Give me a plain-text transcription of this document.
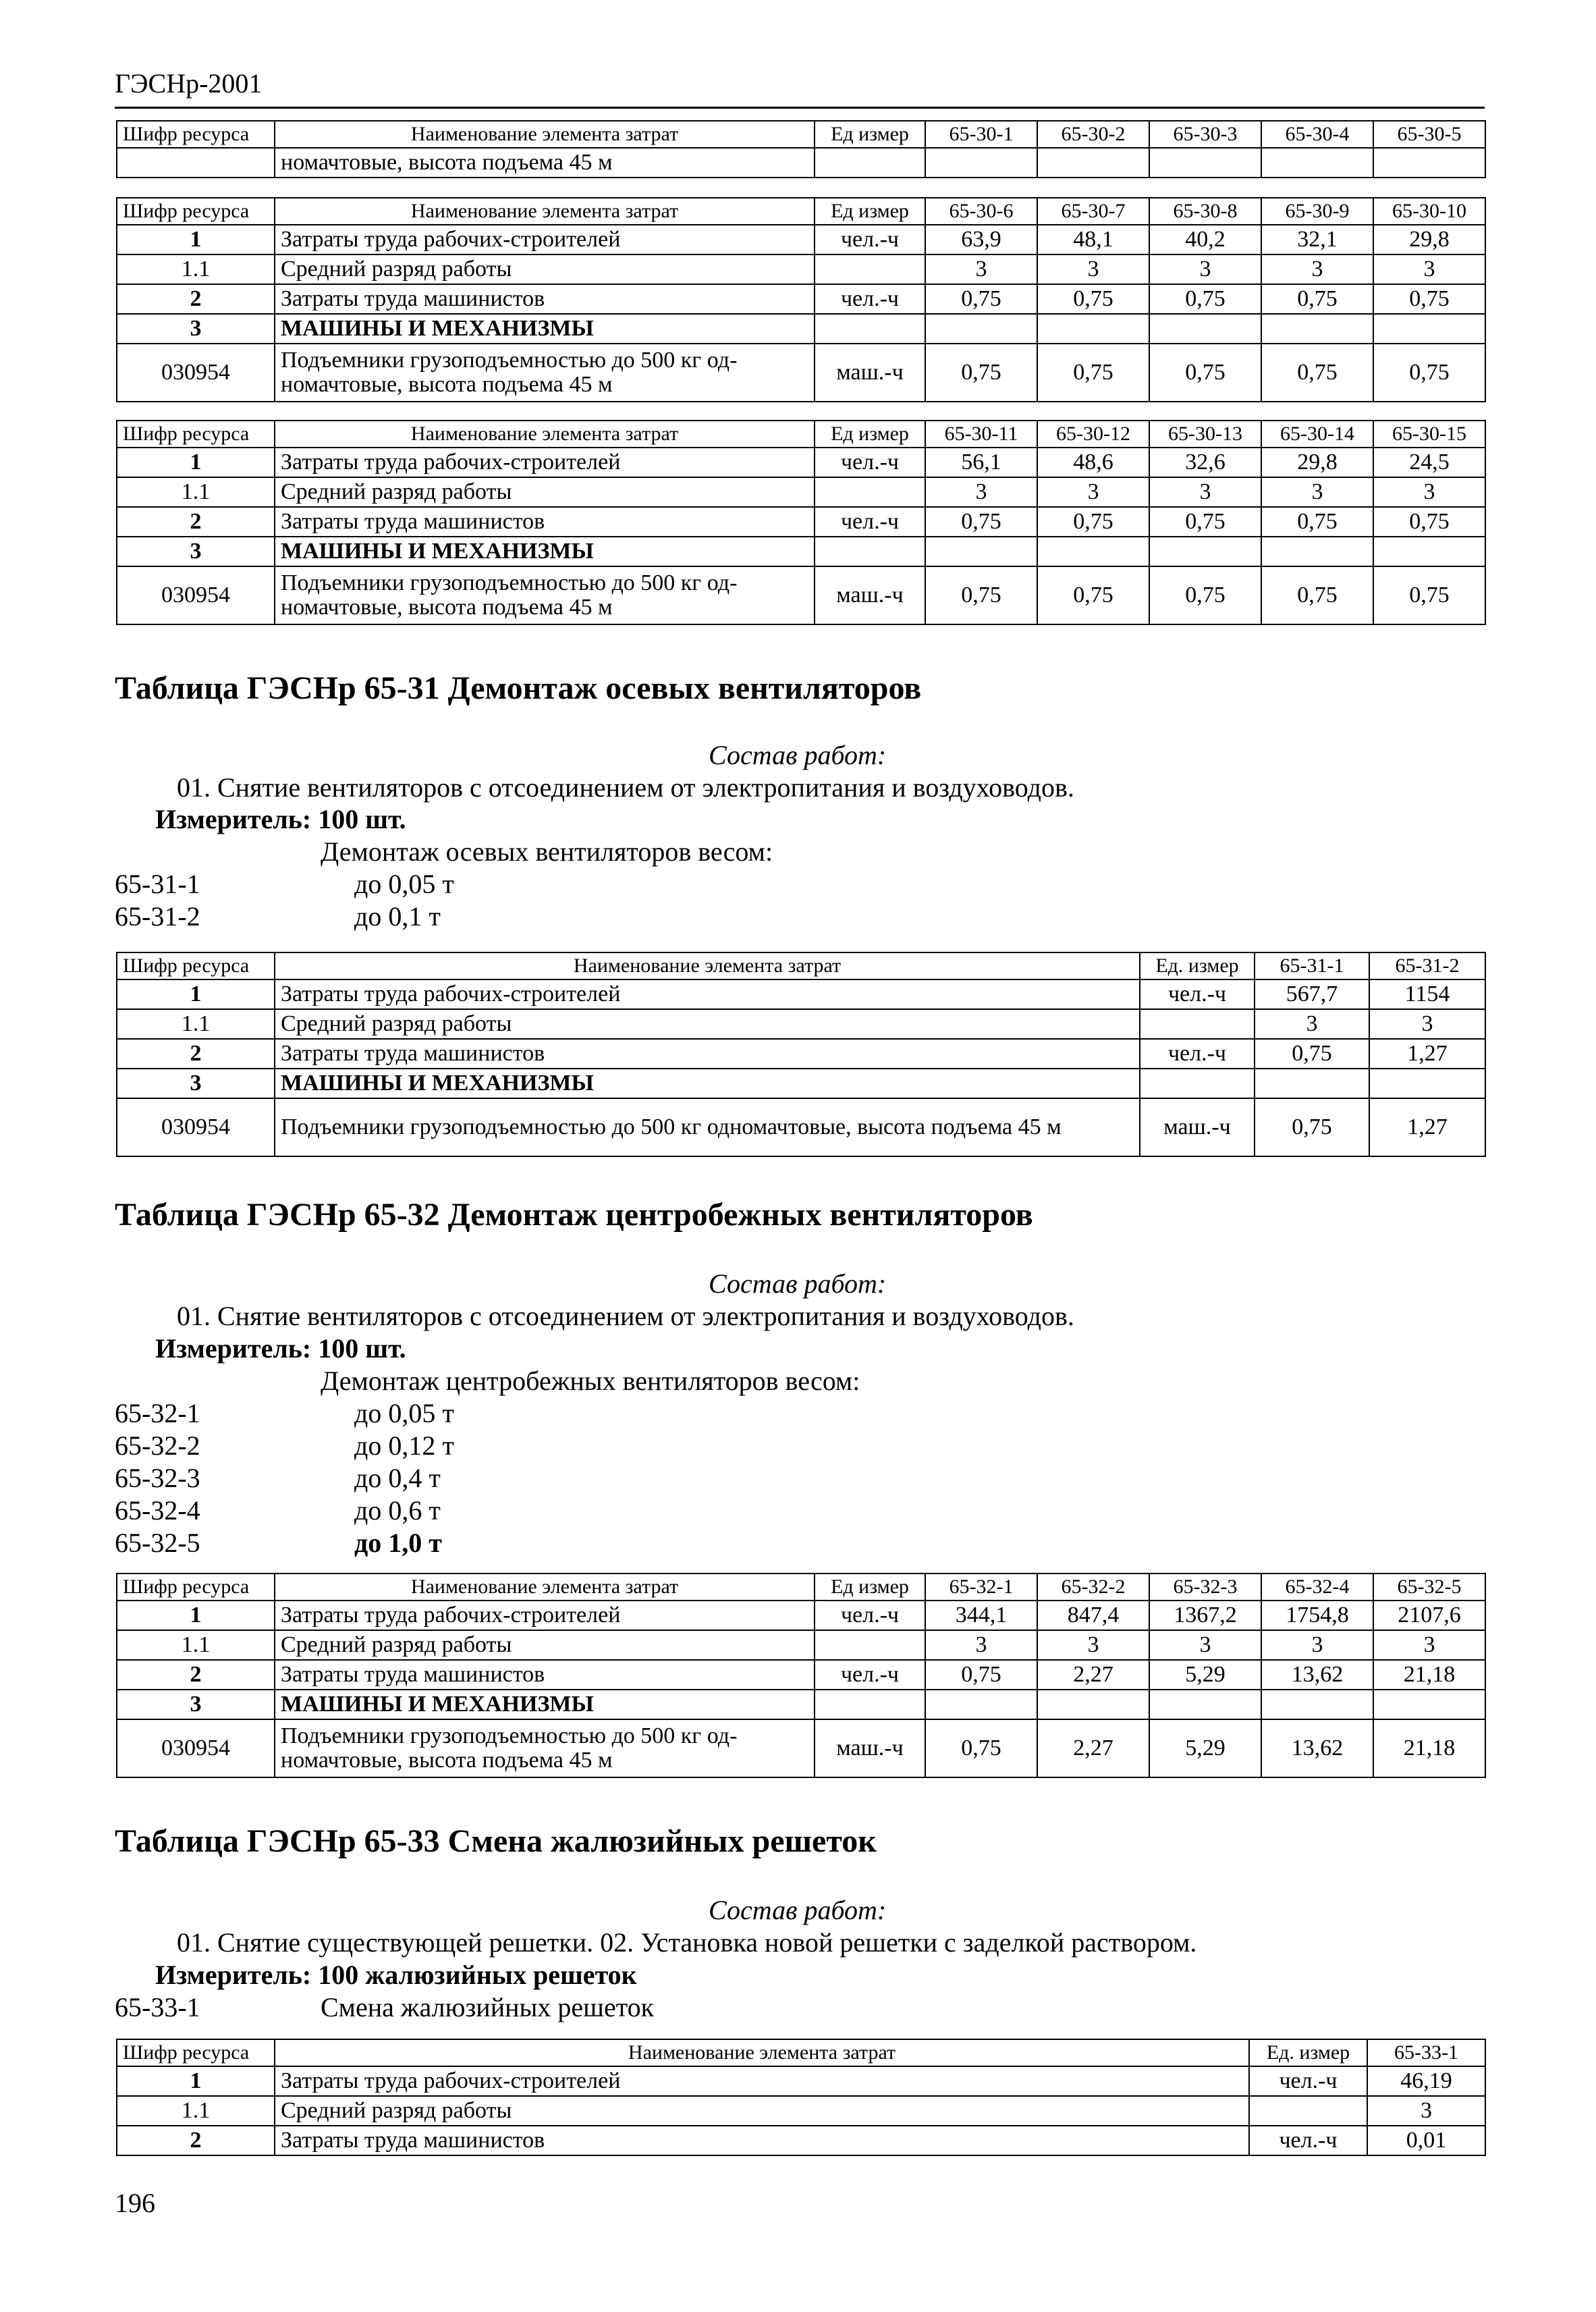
ГЭСНр-2001
Шифр ресурса	Наименование элемента затрат	Ед измер	65-30-1	65-30-2	65-30-3	65-30-4	65-30-5
	номачтовые, высота подъема 45 м						
Шифр ресурса	Наименование элемента затрат	Ед измер	65-30-6	65-30-7	65-30-8	65-30-9	65-30-10
1	Затраты труда рабочих-строителей	чел.-ч	63,9	48,1	40,2	32,1	29,8
1.1	Средний разряд работы		3	3	3	3	3
2	Затраты труда машинистов	чел.-ч	0,75	0,75	0,75	0,75	0,75
3	МАШИНЫ И МЕХАНИЗМЫ						
030954	Подъемники грузоподъемностью до 500 кг од-номачтовые, высота подъема 45 м	маш.-ч	0,75	0,75	0,75	0,75	0,75
Шифр ресурса	Наименование элемента затрат	Ед измер	65-30-11	65-30-12	65-30-13	65-30-14	65-30-15
1	Затраты труда рабочих-строителей	чел.-ч	56,1	48,6	32,6	29,8	24,5
1.1	Средний разряд работы		3	3	3	3	3
2	Затраты труда машинистов	чел.-ч	0,75	0,75	0,75	0,75	0,75
3	МАШИНЫ И МЕХАНИЗМЫ						
030954	Подъемники грузоподъемностью до 500 кг од-номачтовые, высота подъема 45 м	маш.-ч	0,75	0,75	0,75	0,75	0,75
Таблица ГЭСНр 65-31 Демонтаж осевых вентиляторов
Состав работ:
01. Снятие вентиляторов с отсоединением от электропитания и воздуховодов.
Измеритель: 100 шт.
Демонтаж осевых вентиляторов весом:
65-31-1	до 0,05 т
65-31-2	до 0,1 т
Шифр ресурса	Наименование элемента затрат	Ед. измер	65-31-1	65-31-2
1	Затраты труда рабочих-строителей	чел.-ч	567,7	1154
1.1	Средний разряд работы		3	3
2	Затраты труда машинистов	чел.-ч	0,75	1,27
3	МАШИНЫ И МЕХАНИЗМЫ			
030954	Подъемники грузоподъемностью до 500 кг одномачтовые, высота подъема 45 м	маш.-ч	0,75	1,27
Таблица ГЭСНр 65-32 Демонтаж центробежных вентиляторов
Состав работ:
01. Снятие вентиляторов с отсоединением от электропитания и воздуховодов.
Измеритель: 100 шт.
Демонтаж центробежных вентиляторов весом:
65-32-1	до 0,05 т
65-32-2	до 0,12 т
65-32-3	до 0,4 т
65-32-4	до 0,6 т
65-32-5	до 1,0 т
Шифр ресурса	Наименование элемента затрат	Ед измер	65-32-1	65-32-2	65-32-3	65-32-4	65-32-5
1	Затраты труда рабочих-строителей	чел.-ч	344,1	847,4	1367,2	1754,8	2107,6
1.1	Средний разряд работы		3	3	3	3	3
2	Затраты труда машинистов	чел.-ч	0,75	2,27	5,29	13,62	21,18
3	МАШИНЫ И МЕХАНИЗМЫ						
030954	Подъемники грузоподъемностью до 500 кг од-номачтовые, высота подъема 45 м	маш.-ч	0,75	2,27	5,29	13,62	21,18
Таблица ГЭСНр 65-33 Смена жалюзийных решеток
Состав работ:
01. Снятие существующей решетки. 02. Установка новой решетки с заделкой раствором.
Измеритель: 100 жалюзийных решеток
65-33-1	Смена жалюзийных решеток
Шифр ресурса	Наименование элемента затрат	Ед. измер	65-33-1
1	Затраты труда рабочих-строителей	чел.-ч	46,19
1.1	Средний разряд работы		3
2	Затраты труда машинистов	чел.-ч	0,01
196
